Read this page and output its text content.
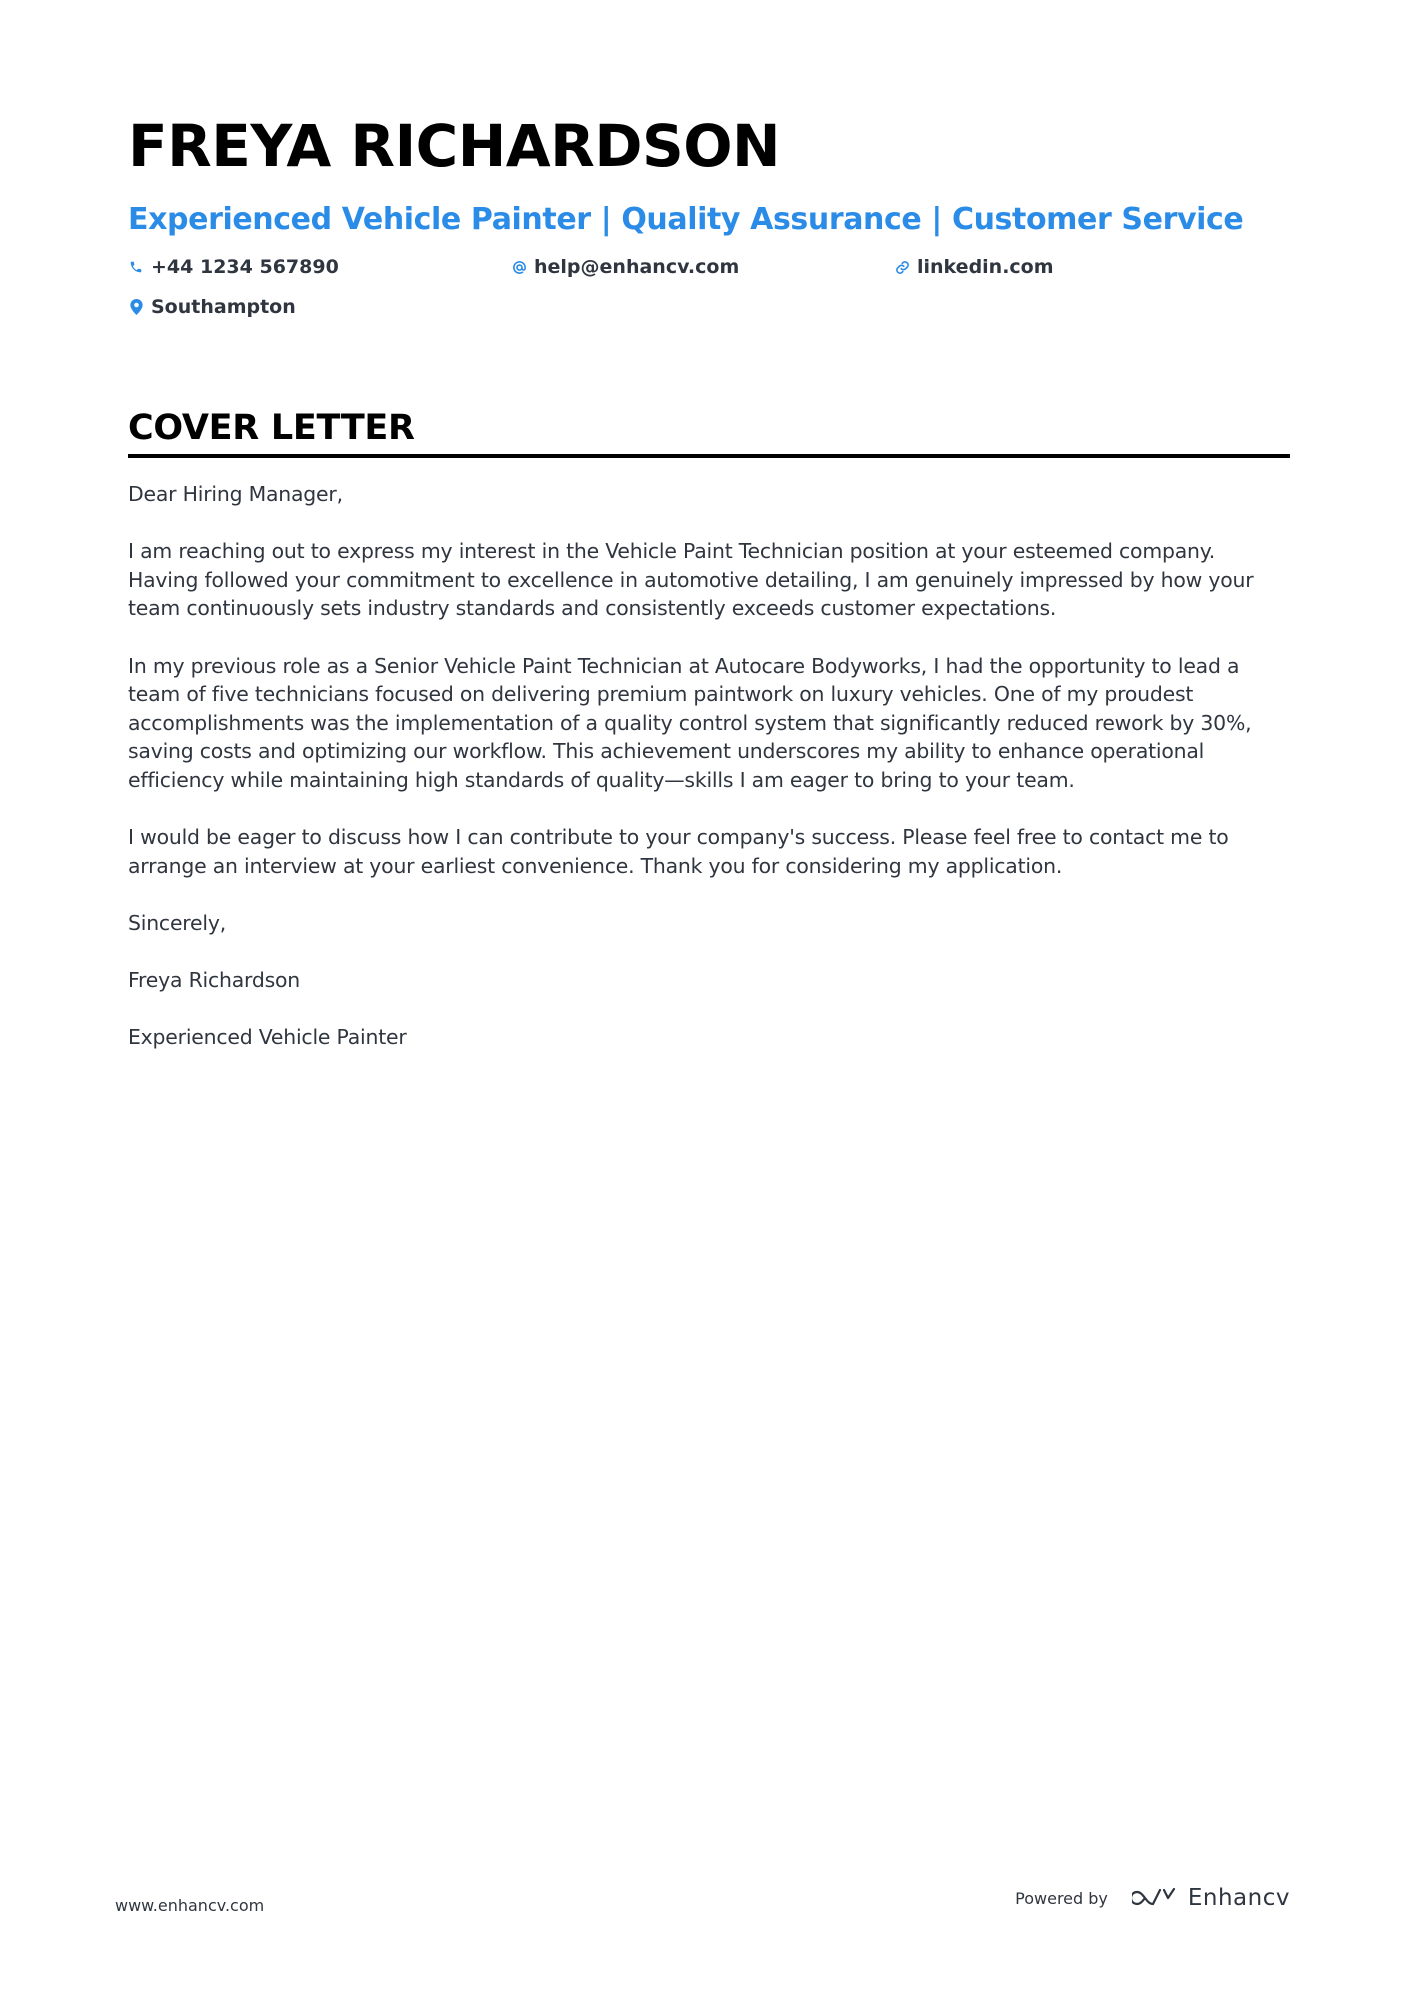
FREYA RICHARDSON
Experienced Vehicle Painter | Quality Assurance | Customer Service
+44 1234 567890	help@enhancv.com	linkedin.com
Southampton
COVER LETTER

Dear Hiring Manager,

I am reaching out to express my interest in the Vehicle Paint Technician position at your esteemed company. Having followed your commitment to excellence in automotive detailing, I am genuinely impressed by how your team continuously sets industry standards and consistently exceeds customer expectations.

In my previous role as a Senior Vehicle Paint Technician at Autocare Bodyworks, I had the opportunity to lead a team of five technicians focused on delivering premium paintwork on luxury vehicles. One of my proudest accomplishments was the implementation of a quality control system that significantly reduced rework by 30%, saving costs and optimizing our workflow. This achievement underscores my ability to enhance operational efficiency while maintaining high standards of quality—skills I am eager to bring to your team.

I would be eager to discuss how I can contribute to your company's success. Please feel free to contact me to arrange an interview at your earliest convenience. Thank you for considering my application.

Sincerely,

Freya Richardson

Experienced Vehicle Painter

www.enhancv.com	Powered by	Enhancv
